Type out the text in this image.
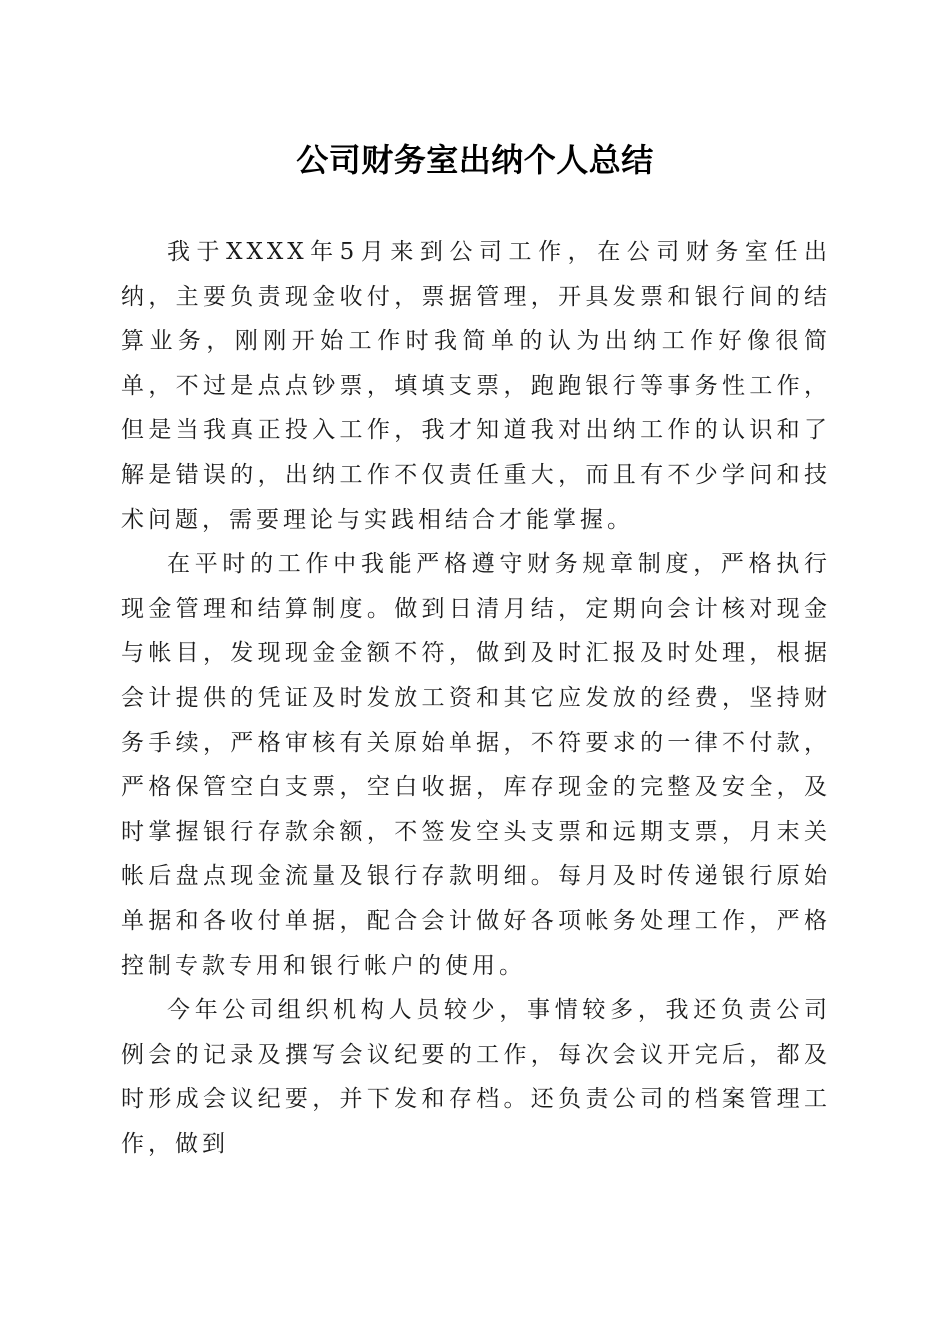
公司财务室出纳个人总结

我于XXXX年5月来到公司工作，在公司财务室任出纳，主要负责现金收付，票据管理，开具发票和银行间的结算业务，刚刚开始工作时我简单的认为出纳工作好像很简单，不过是点点钞票，填填支票，跑跑银行等事务性工作，但是当我真正投入工作，我才知道我对出纳工作的认识和了解是错误的，出纳工作不仅责任重大，而且有不少学问和技术问题，需要理论与实践相结合才能掌握。

在平时的工作中我能严格遵守财务规章制度，严格执行现金管理和结算制度。做到日清月结，定期向会计核对现金与帐目，发现现金金额不符，做到及时汇报及时处理，根据会计提供的凭证及时发放工资和其它应发放的经费，坚持财务手续，严格审核有关原始单据，不符要求的一律不付款，严格保管空白支票，空白收据，库存现金的完整及安全，及时掌握银行存款余额，不签发空头支票和远期支票，月末关帐后盘点现金流量及银行存款明细。每月及时传递银行原始单据和各收付单据，配合会计做好各项帐务处理工作，严格控制专款专用和银行帐户的使用。

今年公司组织机构人员较少，事情较多，我还负责公司例会的记录及撰写会议纪要的工作，每次会议开完后，都及时形成会议纪要，并下发和存档。还负责公司的档案管理工作，做到
